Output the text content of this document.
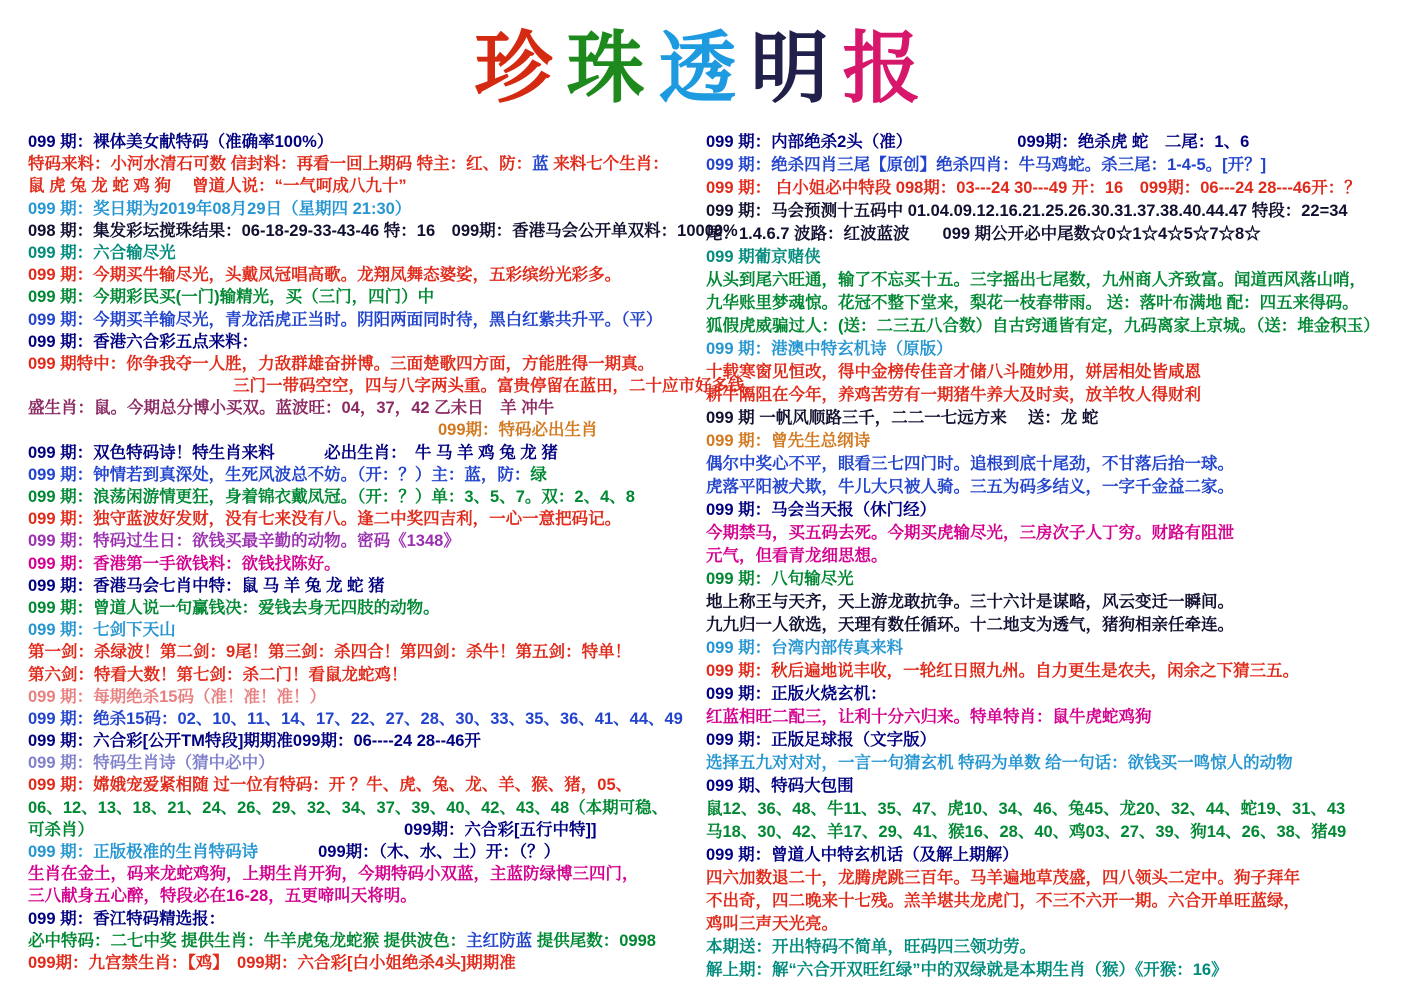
珍珠透明报
099 期：裸体美女献特码（准确率100%）
特码来料：小河水清石可数 信封料：再看一回上期码 特主：红、防：蓝 来料七个生肖：
鼠 虎 兔 龙 蛇 鸡 狗　 曾道人说：“一气呵成八九十”
099 期：奖日期为2019年08月29日（星期四 21:30）
098 期：集发彩坛搅珠结果：06-18-29-33-43-46 特：16　099期：香港马会公开单双料：10000%
099 期：六合输尽光
099 期：今期买牛输尽光，头戴凤冠唱高歌。龙翔凤舞态婆娑，五彩缤纷光彩多。
099 期：今期彩民买(一门)输精光，买（三门，四门）中
099 期：今期买羊输尽光，青龙活虎正当时。阴阳两面同时待，黑白红紫共升平。（平）
099 期：香港六合彩五点来料：
099 期特中：你争我夺一人胜，力敌群雄奋拼博。三面楚歌四方面，方能胜得一期真。
三门一带码空空，四与八字两头重。富贵停留在蓝田，二十应市好多钱。
盛生肖：鼠。今期总分博小买双。蓝波旺：04，37，42 乙未日　羊 冲牛
099期：特码必出生肖
099 期：双色特码诗！特生肖来料　　　必出生肖：　牛 马 羊 鸡 兔 龙 猪
099 期：钟情若到真深处，生死风波总不妨。（开：？）主：蓝，防：绿
099 期：浪荡闲游情更狂，身着锦衣戴凤冠。（开：？）单：3、5、7。双：2、4、8
099 期：独守蓝波好发财，没有七来没有八。逢二中奖四吉利，一心一意把码记。
099 期：特码过生日：欲钱买最辛勤的动物。密码《1348》
099 期：香港第一手欲钱料：欲钱找陈好。
099 期：香港马会七肖中特：鼠 马 羊 兔 龙 蛇 猪
099 期：曾道人说一句赢钱决：爱钱去身无四肢的动物。
099 期：七剑下天山
第一剑：杀绿波！第二剑：9尾！第三剑：杀四合！第四剑：杀牛！第五剑：特单！
第六剑：特看大数！第七剑：杀二门！看鼠龙蛇鸡！
099 期：每期绝杀15码（准！准！准！）
099 期：绝杀15码：02、10、11、14、17、22、27、28、30、33、35、36、41、44、49
099 期：六合彩[公开TM特段]期期准099期：06----24 28--46开
099 期：特码生肖诗（猜中必中）
099 期：嫦娥宠爱紧相随 过一位有特码：开 ？牛、虎、兔、龙、羊、猴、猪，05、
06、12、13、18、21、24、26、29、32、34、37、39、40、42、43、48（本期可稳、
可杀肖）	099期：六合彩[五行中特]]
099 期：正版极准的生肖特码诗	099期：（木、水、土）开：（？）
生肖在金土，码来龙蛇鸡狗，上期生肖开狗，今期特码小双蓝，主蓝防绿博三四门，
三八献身五心醉，特段必在16-28，五更啼叫天将明。
099 期：香江特码精选报：
必中特码：二七中奖 提供生肖：牛羊虎兔龙蛇猴 提供波色：主红防蓝 提供尾数：0998
099期：九宫禁生肖：【鸡】　099期：六合彩[白小姐绝杀4头]期期准
099 期：内部绝杀2头（准）	099期：绝杀虎 蛇　二尾：1、6
099 期：绝杀四肖三尾【原创】绝杀四肖：牛马鸡蛇。杀三尾：1-4-5。[开？]
099 期： 白小姐必中特段 098期：03---24 30---49 开：16　099期：06---24 28---46开：？
099 期：马会预测十五码中 01.04.09.12.16.21.25.26.30.31.37.38.40.44.47 特段：22=34
尾：1.4.6.7 波路：红波蓝波　　099 期公开必中尾数☆0☆1☆4☆5☆7☆8☆
099 期葡京赌侠
从头到尾六旺通，输了不忘买十五。三字摇出七尾数，九州商人齐致富。闻道西风落山哨，
九华账里梦魂惊。花冠不整下堂来，梨花一枝春带雨。 送：落叶布满地 配：四五来得码。
狐假虎威骗过人：(送：二三五八合数）自古窍通皆有定，九码离家上京城。（送：堆金积玉）
099 期：港澳中特玄机诗（原版）
十载寒窗见恒改，得中金榜传佳音才储八斗随妙用，姘居相处皆咸恩
耕牛隔阻在今年，养鸡苦劳有一期猪牛养大及时卖，放羊牧人得财利
099 期 一帆风顺路三千，二二一七远方来　 送：龙 蛇
099 期：曾先生总纲诗
偶尔中奖心不平，眼看三七四门时。追根到底十尾劲，不甘落后抬一球。
虎落平阳被犬欺，牛儿大只被人骑。三五为码多结义，一字千金益二家。
099 期：马会当天报（休门经）
今期禁马，买五码去死。今期买虎输尽光，三房次子人丁穷。财路有阻泄
元气，但看青龙细思想。
099 期：八句输尽光
地上称王与天齐，天上游龙敢抗争。三十六计是谋略，风云变迁一瞬间。
九九归一人欲选，天理有数任循环。十二地支为透气，猪狗相亲任牵连。
099 期：台湾内部传真来料
099 期：秋后遍地说丰收，一轮红日照九州。自力更生是农夫，闲余之下猜三五。
099 期：正版火烧玄机：
红蓝相旺二配三，让利十分六归来。特单特肖：鼠牛虎蛇鸡狗
099 期：正版足球报（文字版）
选择五九对对对，一言一句猜玄机 特码为单数 给一句话：欲钱买一鸣惊人的动物
099 期、特码大包围
鼠12、36、48、牛11、35、47、虎10、34、46、兔45、龙20、32、44、蛇19、31、43
马18、30、42、羊17、29、41、猴16、28、40、鸡03、27、39、狗14、26、38、猪49
099 期：曾道人中特玄机话（及解上期解）
四六加数退二十，龙腾虎跳三百年。马羊遍地草茂盛，四八领头二定中。狗子拜年
不出奇，四二晚来十七残。羔羊堪共龙虎门，不三不六开一期。六合开单旺蓝绿，
鸡叫三声天光亮。
本期送：开出特码不简单，旺码四三领功劳。
解上期：解“六合开双旺红绿”中的双绿就是本期生肖（猴）《开猴：16》
